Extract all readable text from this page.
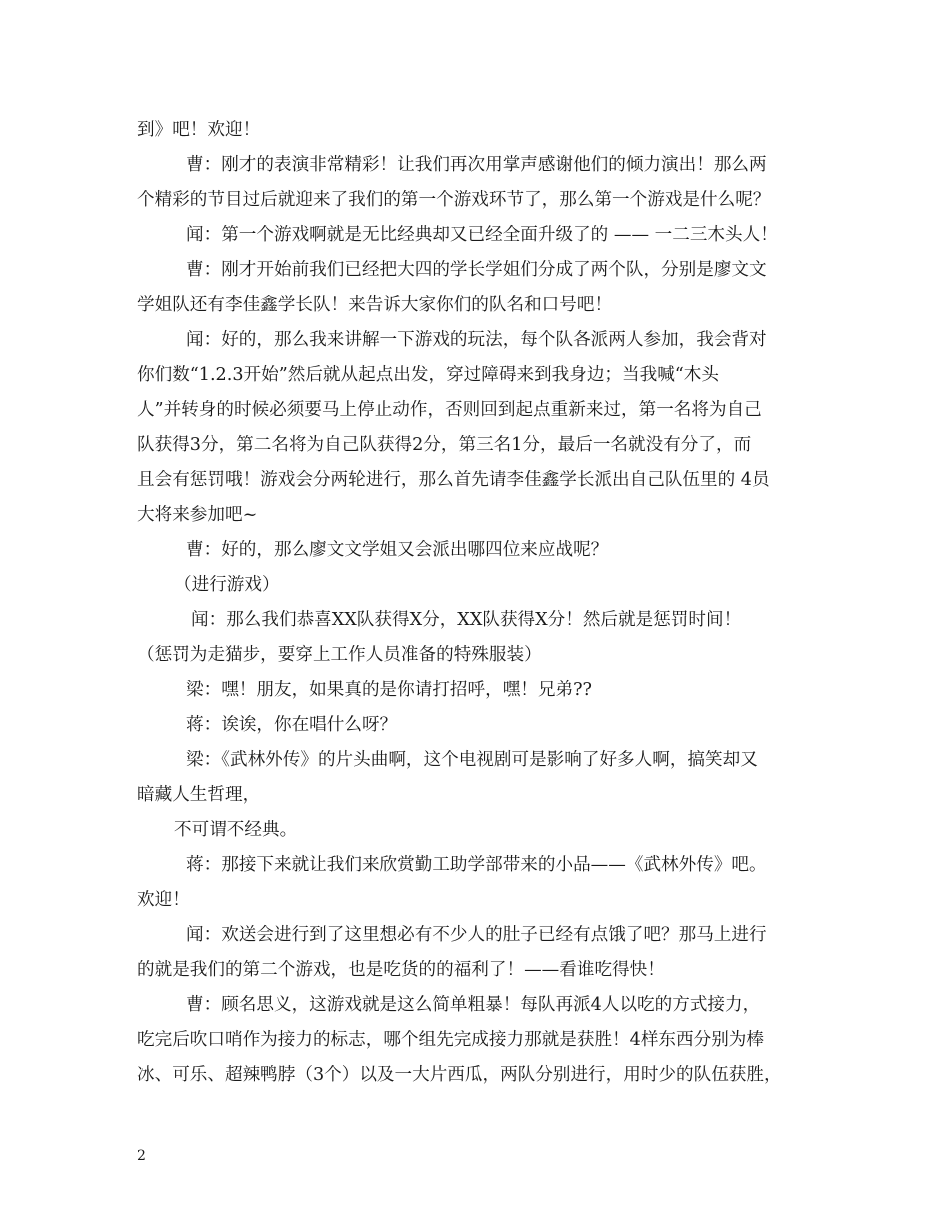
到》吧！欢迎！
曹：刚才的表演非常精彩！让我们再次用掌声感谢他们的倾力演出！那么两
个精彩的节目过后就迎来了我们的第一个游戏环节了，那么第一个游戏是什么呢？
闻：第一个游戏啊就是无比经典却又已经全面升级了的 —— 一二三木头人！
曹：刚才开始前我们已经把大四的学长学姐们分成了两个队，分别是廖文文
学姐队还有李佳鑫学长队！来告诉大家你们的队名和口号吧！
闻：好的，那么我来讲解一下游戏的玩法，每个队各派两人参加，我会背对
你们数“1.2.3开始”然后就从起点出发，穿过障碍来到我身边；当我喊“木头
人”并转身的时候必须要马上停止动作，否则回到起点重新来过，第一名将为自己
队获得3分，第二名将为自己队获得2分，第三名1分，最后一名就没有分了，而
且会有惩罚哦！游戏会分两轮进行，那么首先请李佳鑫学长派出自己队伍里的 4员
大将来参加吧~
曹：好的，那么廖文文学姐又会派出哪四位来应战呢？
（进行游戏）
闻：那么我们恭喜XX队获得X分，XX队获得X分！然后就是惩罚时间！
（惩罚为走猫步，要穿上工作人员准备的特殊服装）
梁：嘿！朋友，如果真的是你请打招呼，嘿！兄弟??
蒋：诶诶，你在唱什么呀？
梁：《武林外传》的片头曲啊，这个电视剧可是影响了好多人啊，搞笑却又
暗藏人生哲理，
不可谓不经典。
蒋：那接下来就让我们来欣赏勤工助学部带来的小品——《武林外传》吧。
欢迎！
闻：欢送会进行到了这里想必有不少人的肚子已经有点饿了吧？那马上进行
的就是我们的第二个游戏，也是吃货的的福利了！——看谁吃得快！
曹：顾名思义，这游戏就是这么简单粗暴！每队再派4人以吃的方式接力，
吃完后吹口哨作为接力的标志，哪个组先完成接力那就是获胜！4样东西分别为棒
冰、可乐、超辣鸭脖（3个）以及一大片西瓜，两队分别进行，用时少的队伍获胜，
2
